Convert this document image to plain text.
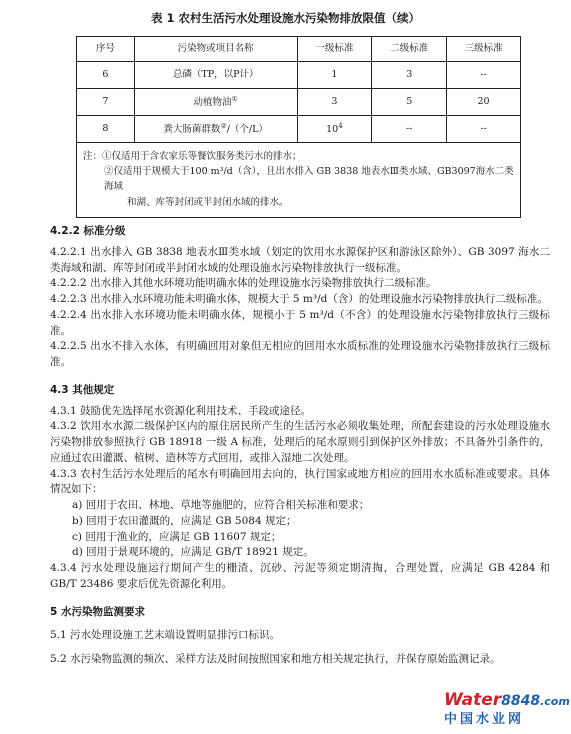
表 1 农村生活污水处理设施水污染物排放限值（续）
序号	污染物或项目名称	一级标准	二级标准	三级标准
6	总磷（TP，以P计）	1	3	--
7	动植物油①	3	5	20
8	粪大肠菌群数②/（个/L）	$10^4$	--	--

注：①仅适用于含农家乐等餐饮服务类污水的排水；
②仅适用于规模大于100 m³/d（含），且出水排入 GB 3838 地表水Ⅲ类水域、GB3097海水二类海域
和湖、库等封闭或半封闭水域的排水。				

4.2.2 标准分级

4.2.2.1 出水排入 GB 3838 地表水Ⅲ类水域（划定的饮用水水源保护区和游泳区除外）、GB 3097 海水二类海域和湖、库等封闭或半封闭水域的处理设施水污染物排放执行一级标准。

4.2.2.2 出水排入其他水环境功能明确水体的处理设施水污染物排放执行二级标准。

4.2.2.3 出水排入水环境功能未明确水体，规模大于 5 m³/d（含）的处理设施水污染物排放执行二级标准。

4.2.2.4 出水排入水环境功能未明确水体，规模小于 5 m³/d（不含）的处理设施水污染物排放执行三级标准。

4.2.2.5 出水不排入水体，有明确回用对象但无相应的回用水水质标准的处理设施水污染物排放执行三级标准。

4.3 其他规定

4.3.1 鼓励优先选择尾水资源化利用技术、手段或途径。

4.3.2 饮用水水源二级保护区内的原住居民所产生的生活污水必须收集处理，所配套建设的污水处理设施水污染物排放参照执行 GB 18918 一级 A 标准，处理后的尾水原则引到保护区外排放；不具备外引条件的，应通过农田灌溉、植树、造林等方式回用，或排入湿地二次处理。

4.3.3 农村生活污水处理后的尾水有明确回用去向的，执行国家或地方相应的回用水水质标准或要求。具体情况如下：

a) 回用于农田、林地、草地等施肥的，应符合相关标准和要求；

b) 回用于农田灌溉的，应满足 GB 5084 规定；

c) 回用于渔业的，应满足 GB 11607 规定；

d) 回用于景观环境的，应满足 GB/T 18921 规定。

4.3.4 污水处理设施运行期间产生的栅渣、沉砂、污泥等须定期清掏，合理处置，应满足 GB 4284 和 GB/T 23486 要求后优先资源化利用。

5 水污染物监测要求

5.1 污水处理设施工艺末端设置明显排污口标识。

5.2 水污染物监测的频次、采样方法及时间按照国家和地方相关规定执行，并保存原始监测记录。

Water8848.com
中国水业网
